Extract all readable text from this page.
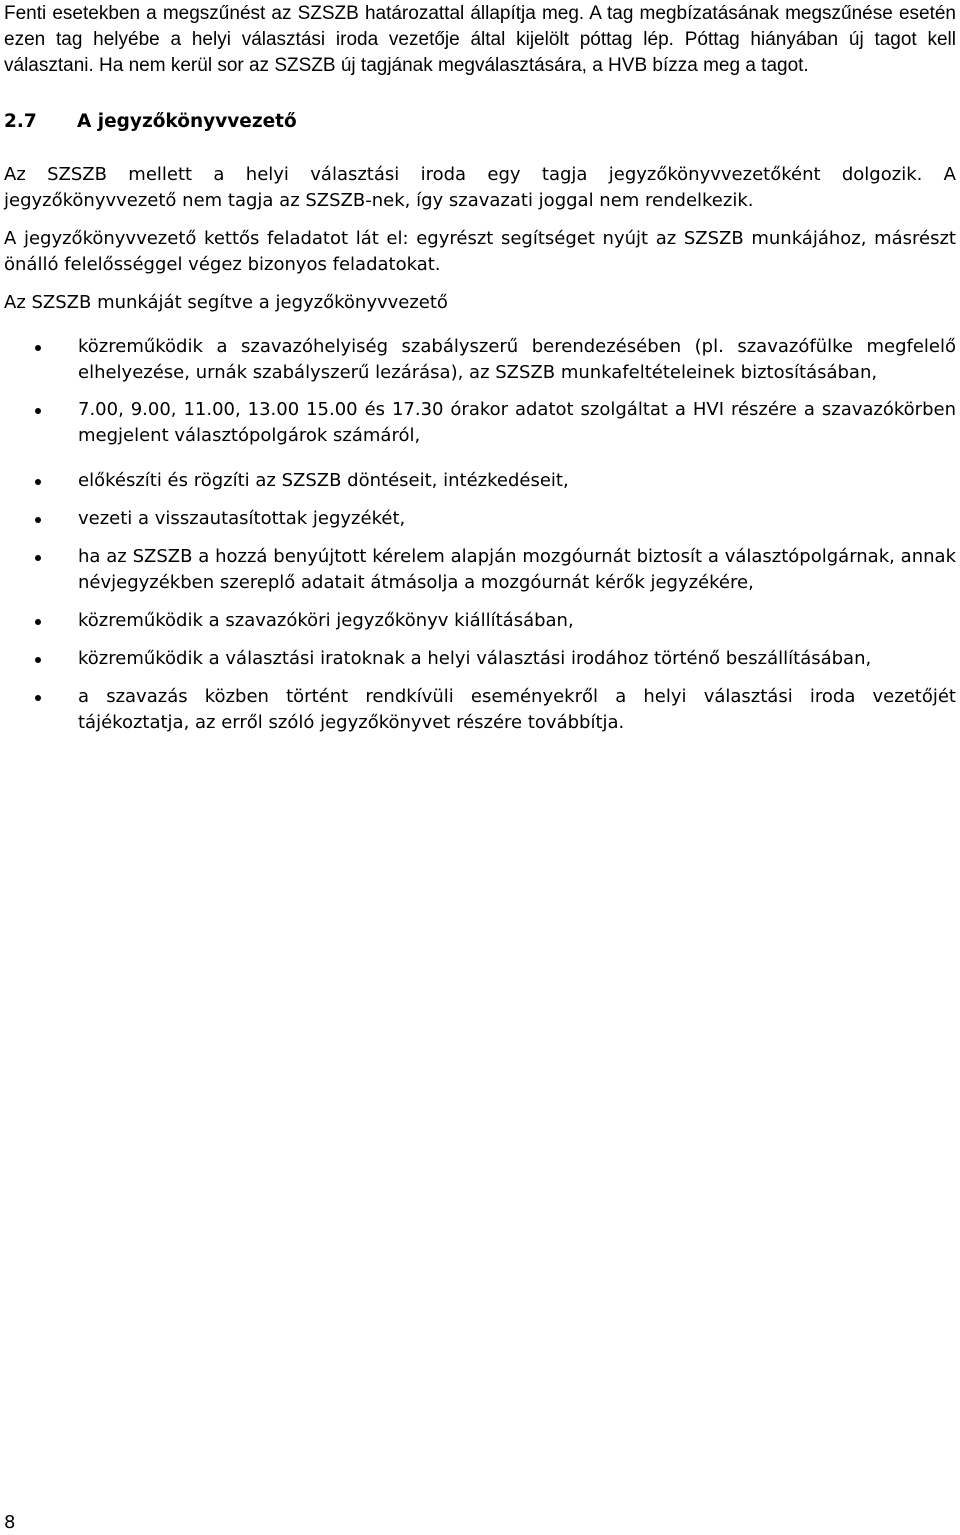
Fenti esetekben a megszűnést az SZSZB határozattal állapítja meg. A tag megbízatásának megszűnése esetén ezen tag helyébe a helyi választási iroda vezetője által kijelölt póttag lép. Póttag hiányában új tagot kell választani. Ha nem kerül sor az SZSZB új tagjának megválasztására, a HVB bízza meg a tagot.

2.7	A jegyzőkönyvvezető

Az SZSZB mellett a helyi választási iroda egy tagja jegyzőkönyvvezetőként dolgozik. A jegyzőkönyvvezető nem tagja az SZSZB-nek, így szavazati joggal nem rendelkezik.

A jegyzőkönyvvezető kettős feladatot lát el: egyrészt segítséget nyújt az SZSZB munkájához, másrészt önálló felelősséggel végez bizonyos feladatokat.

Az SZSZB munkáját segítve a jegyzőkönyvvezető

közreműködik a szavazóhelyiség szabályszerű berendezésében (pl. szavazófülke megfelelő elhelyezése, urnák szabályszerű lezárása), az SZSZB munkafeltételeinek biztosításában,
7.00, 9.00, 11.00, 13.00 15.00 és 17.30 órakor adatot szolgáltat a HVI részére a szavazókörben megjelent választópolgárok számáról,
előkészíti és rögzíti az SZSZB döntéseit, intézkedéseit,
vezeti a visszautasítottak jegyzékét,
ha az SZSZB a hozzá benyújtott kérelem alapján mozgóurnát biztosít a választópolgárnak, annak névjegyzékben szereplő adatait átmásolja a mozgóurnát kérők jegyzékére,
közreműködik a szavazóköri jegyzőkönyv kiállításában,
közreműködik a választási iratoknak a helyi választási irodához történő beszállításában,
a szavazás közben történt rendkívüli eseményekről a helyi választási iroda vezetőjét tájékoztatja, az erről szóló jegyzőkönyvet részére továbbítja.
8
